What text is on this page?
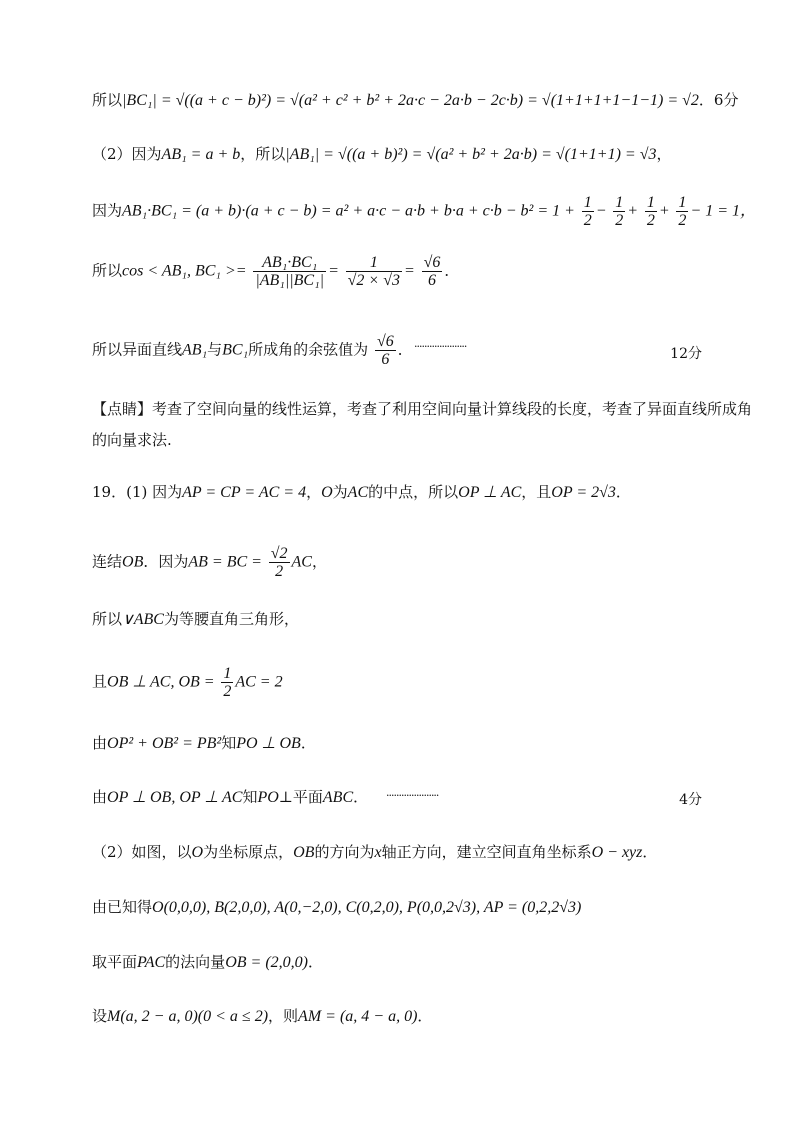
所以|BC₁| = √((a + c − b)²) = √(a² + c² + b² + 2a·c − 2a·b − 2c·b) = √(1+1+1+1−1−1) = √2．6分
（2）因为AB₁ = a + b，所以|AB₁| = √((a + b)²) = √(a² + b² + 2a·b) = √(1+1+1) = √3，
因为$AB_1\cdot BC_1 = (a + b)\cdot(a + c - b) = a^2 + a\cdot c - a\cdot b + b\cdot a + c\cdot b - b^2 = 1 + \frac{1}{2} - \frac{1}{2} + \frac{1}{2} + \frac{1}{2} - 1 = 1$，
所以cos < AB₁, $BC_1 >= \frac{\text{AB₁·BC₁}}{\text{|AB₁||BC₁|}} = \frac{1}{√2 \times √3} = \frac{√6}{6}$ ．
所以异面直线AB₁与BC₁所成角的余弦值为 $\frac{√6}{6}$ ． ·····················	12分
【点睛】考查了空间向量的线性运算，考查了利用空间向量计算线段的长度，考查了异面直线所成角
的向量求法.
19．(1) 因为AP = CP = AC = 4，O为AC的中点，所以OP ⊥ AC，且OP = 2√3．
连结OB．因为AB = BC = $\frac{√2}{2}$ AC，
所以∨ABC为等腰直角三角形，
且OB ⊥ AC, OB = $\frac{1}{2}$ AC = 2
由OP² + OB² = PB²知PO ⊥ OB．
由OP ⊥ OB, OP ⊥ AC知PO⊥平面ABC． ·····················	4分
（2）如图，以O为坐标原点，OB的方向为x轴正方向，建立空间直角坐标系O − xyz．
由已知得O(0,0,0), B(2,0,0), A(0,−2,0), C(0,2,0), P(0,0,2√3), AP = (0,2,2√3)
取平面PAC的法向量OB = (2,0,0)．
设M(a, 2 − a, 0)(0 < a ≤ 2)，则AM = (a, 4 − a, 0)．
